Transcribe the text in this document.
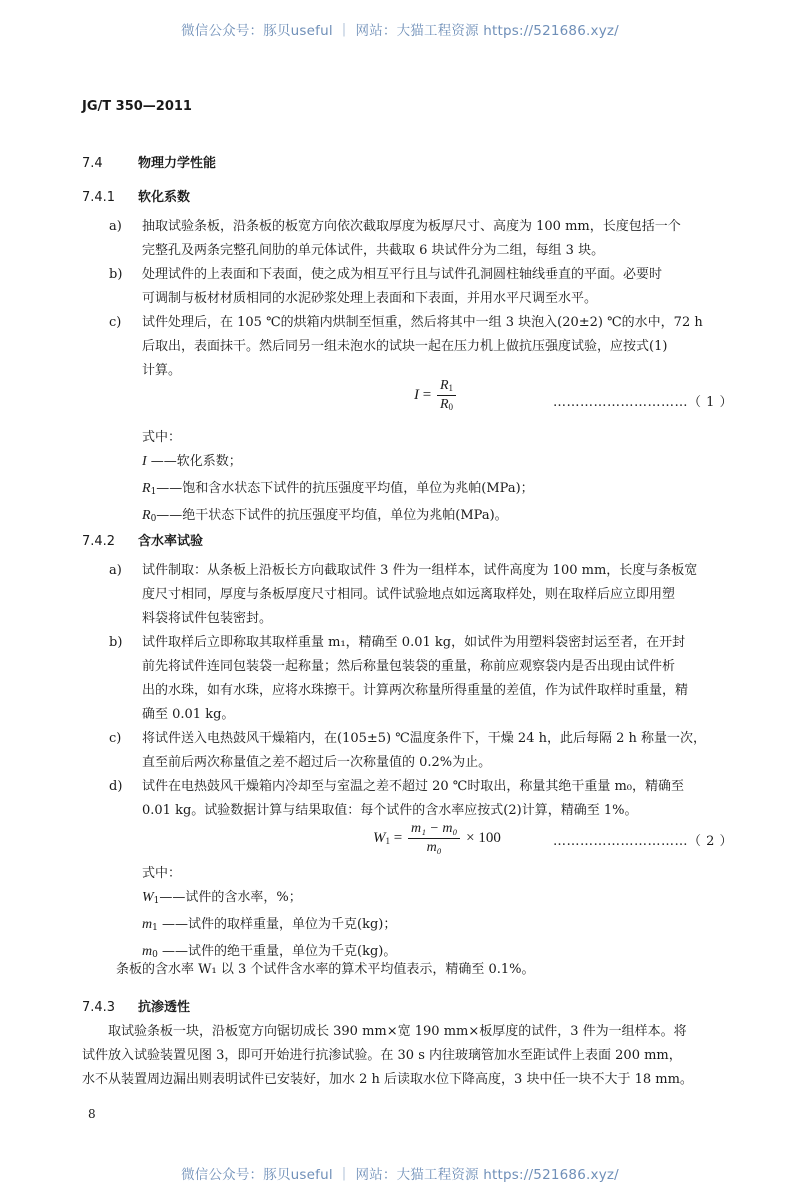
微信公众号：豚贝useful ｜ 网站：大猫工程资源 https://521686.xyz/
微信公众号：豚贝useful ｜ 网站：大猫工程资源 https://521686.xyz/
JG/T 350—2011
7.4	物理力学性能
7.4.1 软化系数
a) 抽取试验条板，沿条板的板宽方向依次截取厚度为板厚尺寸、高度为 100 mm，长度包括一个
完整孔及两条完整孔间肋的单元体试件，共截取 6 块试件分为二组，每组 3 块。
b) 处理试件的上表面和下表面，使之成为相互平行且与试件孔洞圆柱轴线垂直的平面。必要时
可调制与板材材质相同的水泥砂浆处理上表面和下表面，并用水平尺调至水平。
c) 试件处理后，在 105 ℃的烘箱内烘制至恒重，然后将其中一组 3 块泡入(20±2) ℃的水中，72 h
后取出，表面抹干。然后同另一组未泡水的试块一起在压力机上做抗压强度试验，应按式(1)
计算。
$I = \frac{R_1}{R_0}$	…………………………（ 1 ）
式中：
I ——软化系数；
$R_1——$饱和含水状态下试件的抗压强度平均值，单位为兆帕(MPa)；
$R_0——$绝干状态下试件的抗压强度平均值，单位为兆帕(MPa)。
7.4.2 含水率试验
a) 试件制取：从条板上沿板长方向截取试件 3 件为一组样本，试件高度为 100 mm，长度与条板宽
度尺寸相同，厚度与条板厚度尺寸相同。试件试验地点如远离取样处，则在取样后应立即用塑
料袋将试件包装密封。
b) 试件取样后立即称取其取样重量 m₁，精确至 0.01 kg，如试件为用塑料袋密封运至者，在开封
前先将试件连同包装袋一起称量；然后称量包装袋的重量，称前应观察袋内是否出现由试件析
出的水珠，如有水珠，应将水珠擦干。计算两次称量所得重量的差值，作为试件取样时重量，精
确至 0.01 kg。
c) 将试件送入电热鼓风干燥箱内，在(105±5) ℃温度条件下，干燥 24 h，此后每隔 2 h 称量一次，
直至前后两次称量值之差不超过后一次称量值的 0.2%为止。
d) 试件在电热鼓风干燥箱内冷却至与室温之差不超过 20 ℃时取出，称量其绝干重量 m₀，精确至
0.01 kg。试验数据计算与结果取值：每个试件的含水率应按式(2)计算，精确至 1%。
$W_1 = \frac{\text{m₁ − m₀}}{\text{m₀}} \times 100$	…………………………（ 2 ）
式中：
$W_1——$试件的含水率，%；
$m_1$ ——试件的取样重量，单位为千克(kg)；
$m_0$ ——试件的绝干重量，单位为千克(kg)。
条板的含水率 W₁ 以 3 个试件含水率的算术平均值表示，精确至 0.1%。
7.4.3 抗渗透性
　　取试验条板一块，沿板宽方向锯切成长 390 mm×宽 190 mm×板厚度的试件，3 件为一组样本。将
试件放入试验装置见图 3，即可开始进行抗渗试验。在 30 s 内往玻璃管加水至距试件上表面 200 mm，
水不从装置周边漏出则表明试件已安装好，加水 2 h 后读取水位下降高度，3 块中任一块不大于 18 mm。
8
